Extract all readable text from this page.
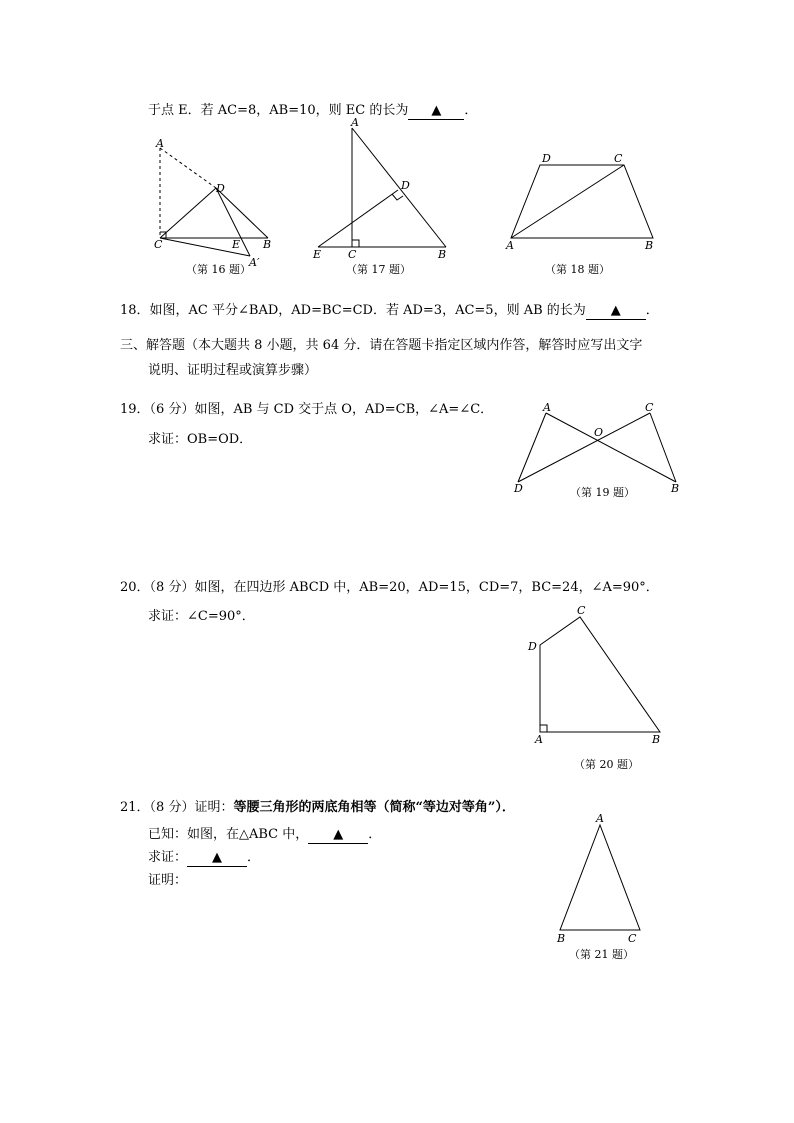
于点 E．若 AC=8，AB=10，则 EC 的长为 ▲ ．
A
D
C	E B
A′
（第 16 题）
A
D
E C	B
（第 17 题）
D	C
A	B
（第 18 题）
18．如图，AC 平分∠BAD，AD=BC=CD．若 AD=3，AC=5，则 AB 的长为 ▲ ．
三、解答题（本大题共 8 小题，共 64 分．请在答题卡指定区域内作答，解答时应写出文字
说明、证明过程或演算步骤）
19．（6 分）如图，AB 与 CD 交于点 O，AD=CB，∠A=∠C．
求证：OB=OD．
A	C
O
D	B
（第 19 题）
20．（8 分）如图，在四边形 ABCD 中，AB=20，AD=15，CD=7，BC=24，∠A=90°．
求证：∠C=90°．	C
D
A	B
（第 20 题）
21．（8 分）证明：等腰三角形的两底角相等（简称“等边对等角”）．
已知：如图，在△ABC 中， ▲ ．
求证： ▲ ．
证明：
A
B	C
（第 21 题）
